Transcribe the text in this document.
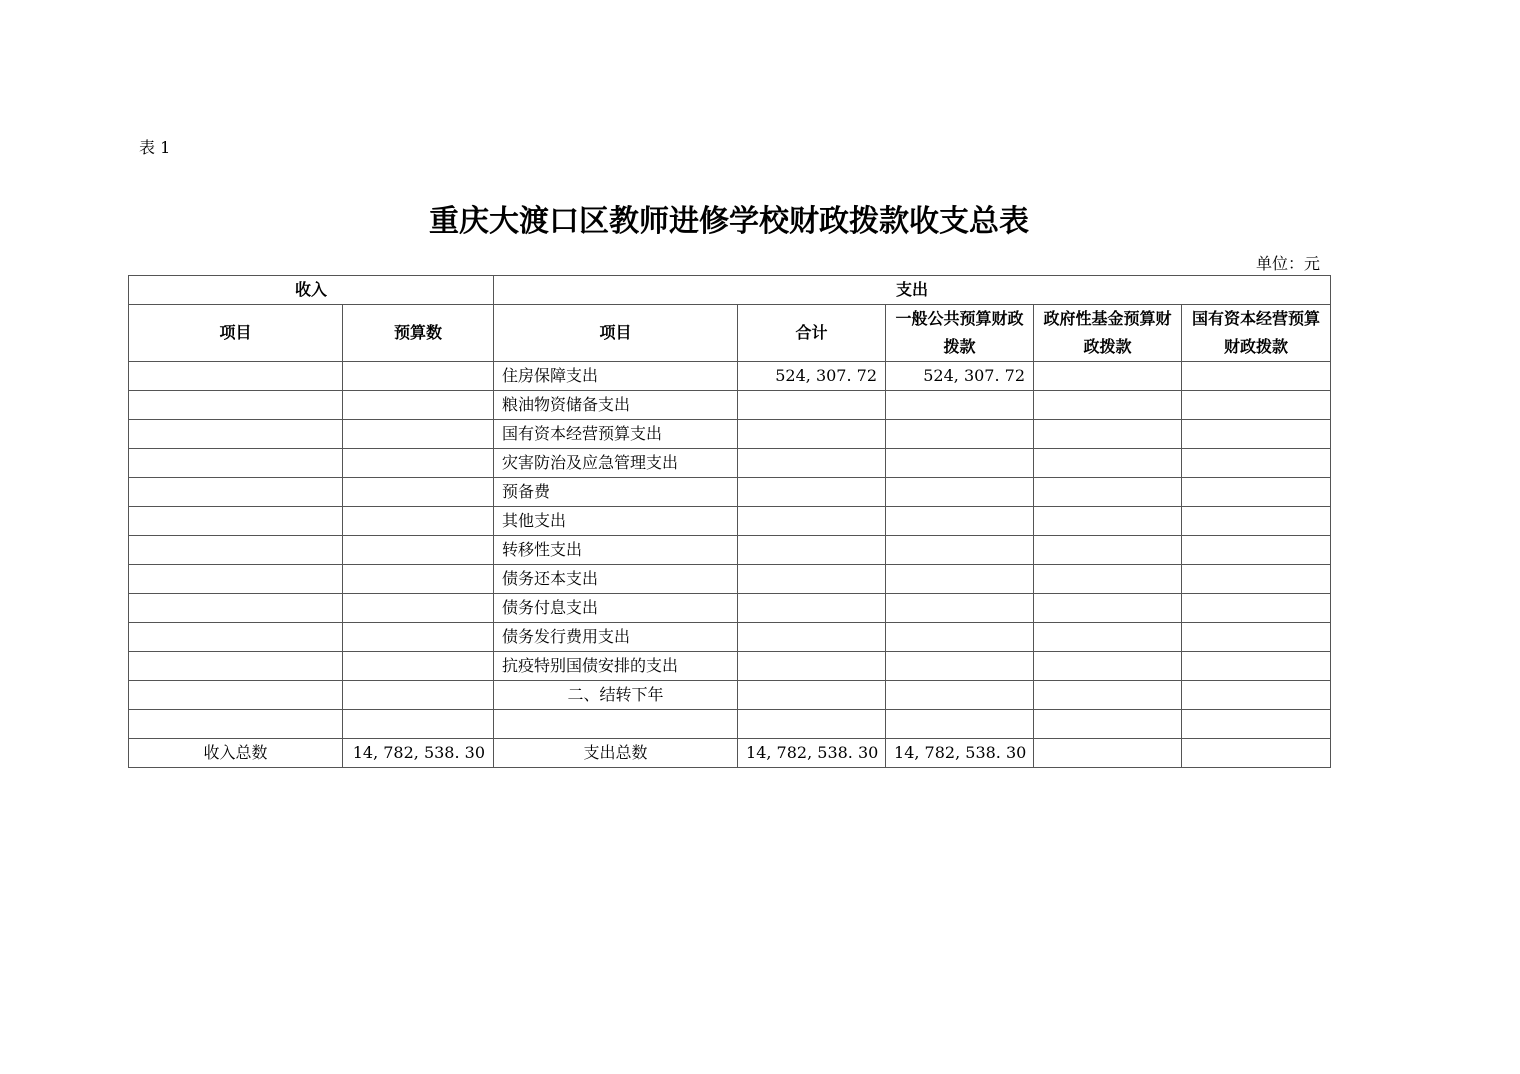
表 1
重庆大渡口区教师进修学校财政拨款收支总表
单位：元
收入		支出				
项目	预算数	项目	合计	一般公共预算财政拨款	政府性基金预算财政拨款	国有资本经营预算财政拨款
		住房保障支出	524, 307. 72	524, 307. 72		
		粮油物资储备支出				
		国有资本经营预算支出				
		灾害防治及应急管理支出				
		预备费				
		其他支出				
		转移性支出				
		债务还本支出				
		债务付息支出				
		债务发行费用支出				
		抗疫特别国债安排的支出				
		二、结转下年				

收入总数	14, 782, 538. 30	支出总数	14, 782, 538. 30	14, 782, 538. 30		
